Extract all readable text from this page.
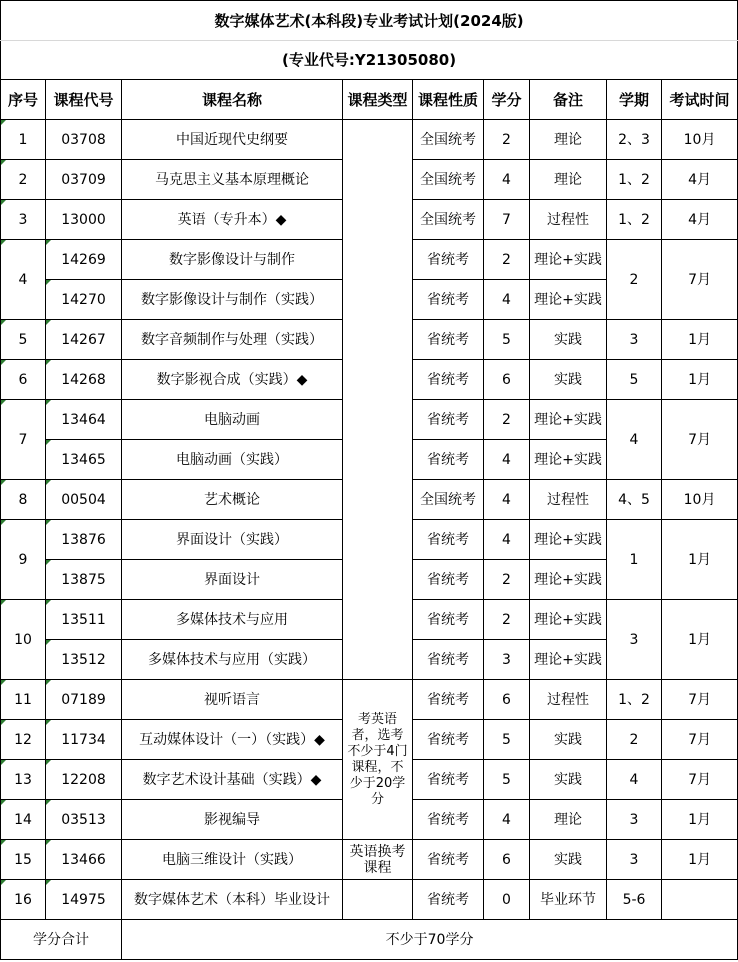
数字媒体艺术(本科段)专业考试计划(2024版)								
(专业代号:Y21305080)								
序号	课程代号	课程名称	课程类型	课程性质	学分	备注	学期	考试时间

1	03708	中国近现代史纲要		全国统考	2	理论	2、3	10月

2	03709	马克思主义基本原理概论		全国统考	4	理论	1、2	4月

3	13000	英语（专升本）◆		全国统考	7	过程性	1、2	4月

4	14269	数字影像设计与制作		省统考	2	理论+实践	2	7月

14270	数字影像设计与制作（实践）		省统考	4	理论+实践		

5	14267	数字音频制作与处理（实践）		省统考	5	实践	3	1月

6	14268	数字影视合成（实践）◆		省统考	6	实践	5	1月

7	13464	电脑动画		省统考	2	理论+实践	4	7月

13465	电脑动画（实践）		省统考	4	理论+实践		

8	00504	艺术概论		全国统考	4	过程性	4、5	10月

9	13876	界面设计（实践）		省统考	4	理论+实践	1	1月

13875	界面设计		省统考	2	理论+实践		

10	13511	多媒体技术与应用		省统考	2	理论+实践	3	1月

13512	多媒体技术与应用（实践）		省统考	3	理论+实践		

11	07189	视听语言	考英语者，选考不少于4门课程，不少于20学分	省统考	6	过程性	1、2	7月

12	11734	互动媒体设计（一）（实践）◆		省统考	5	实践	2	7月

13	12208	数字艺术设计基础（实践）◆		省统考	5	实践	4	7月

14	03513	影视编导		省统考	4	理论	3	1月

15	13466	电脑三维设计（实践）	英语换考课程	省统考	6	实践	3	1月

16	14975	数字媒体艺术（本科）毕业设计		省统考	0	毕业环节	5-6	
学分合计		不少于70学分						
